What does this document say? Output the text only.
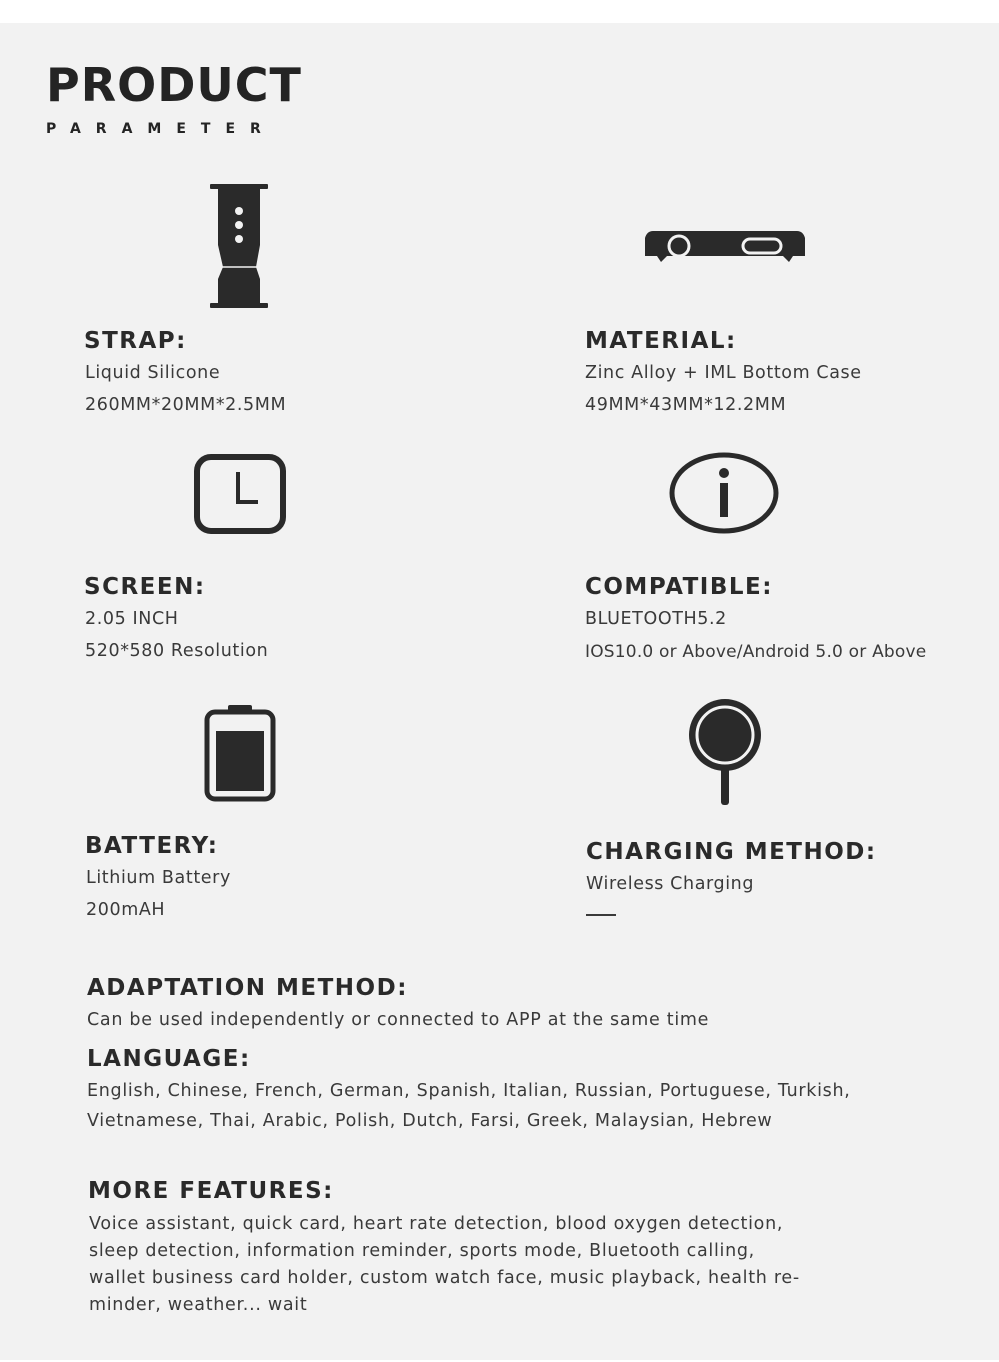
PRODUCT
PARAMETER
STRAP:
Liquid Silicone
260MM*20MM*2.5MM
MATERIAL:
Zinc Alloy + IML Bottom Case
49MM*43MM*12.2MM
SCREEN:
2.05 INCH
520*580 Resolution
COMPATIBLE:
BLUETOOTH5.2
IOS10.0 or Above/Android 5.0 or Above
BATTERY:
Lithium Battery
200mAH
CHARGING METHOD:
Wireless Charging
ADAPTATION METHOD:
Can be used independently or connected to APP at the same time
LANGUAGE:
English, Chinese, French, German, Spanish, Italian, Russian, Portuguese, Turkish,
Vietnamese, Thai, Arabic, Polish, Dutch, Farsi, Greek, Malaysian, Hebrew
MORE FEATURES:
Voice assistant, quick card, heart rate detection, blood oxygen detection,
sleep detection, information reminder, sports mode, Bluetooth calling,
wallet business card holder, custom watch face, music playback, health re-
minder, weather... wait
